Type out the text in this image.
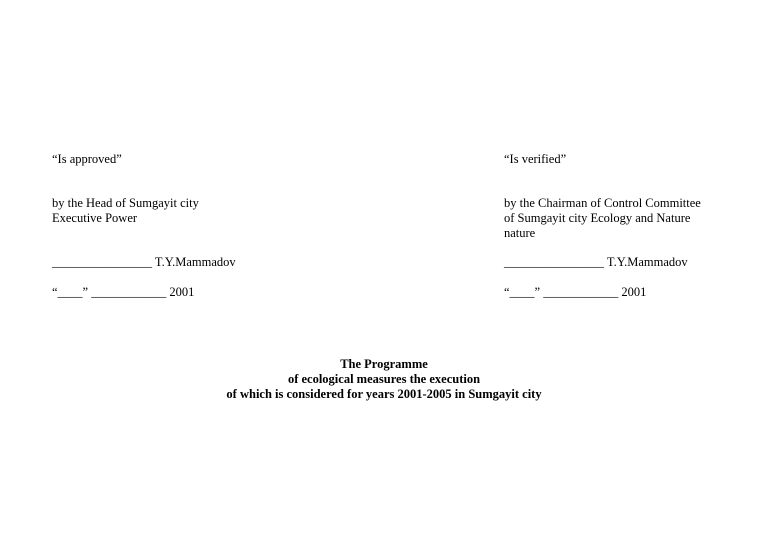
“Is approved”
by the Head of Sumgayit city
Executive Power
________________ T.Y.Mammadov
“____” ____________ 2001
“Is verified”
by the Chairman of Control Committee
of Sumgayit city Ecology and Nature
nature
________________ T.Y.Mammadov
“____” ____________ 2001
The Programme
of ecological measures the execution
of which is considered for years 2001-2005 in Sumgayit city
